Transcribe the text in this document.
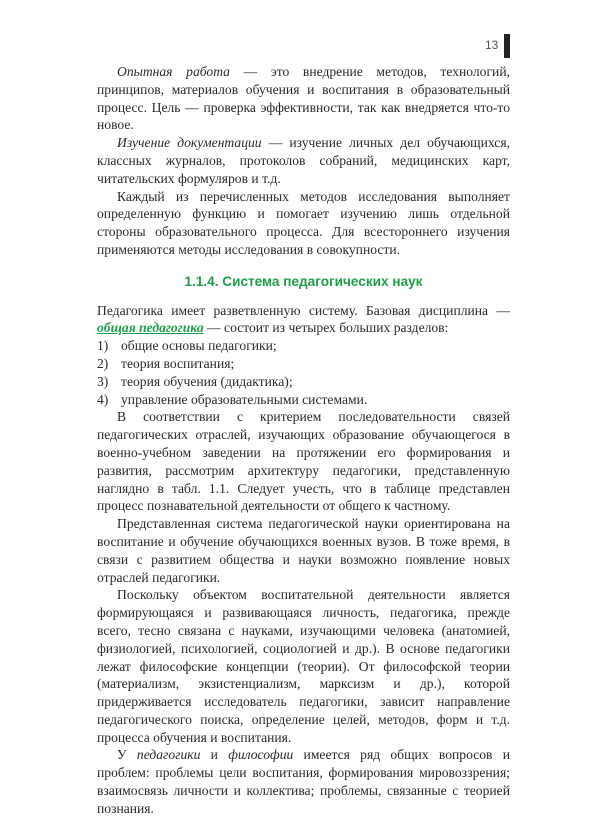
13

Опытная работа — это внедрение методов, технологий, принципов, материалов обучения и воспитания в образовательный процесс. Цель — проверка эффективности, так как внедряется что-то новое.

Изучение документации — изучение личных дел обучающихся, классных журналов, протоколов собраний, медицинских карт, читательских формуляров и т.д.

Каждый из перечисленных методов исследования выполняет определенную функцию и помогает изучению лишь отдельной стороны образовательного процесса. Для всестороннего изучения применяются методы исследования в совокупности.

1.1.4. Система педагогических наук

Педагогика имеет разветвленную систему. Базовая дисциплина — общая педагогика — состоит из четырех больших разделов:

1) общие основы педагогики;
2) теория воспитания;
3) теория обучения (дидактика);
4) управление образовательными системами.

В соответствии с критерием последовательности связей педагогических отраслей, изучающих образование обучающегося в военно-учебном заведении на протяжении его формирования и развития, рассмотрим архитектуру педагогики, представленную наглядно в табл. 1.1. Следует учесть, что в таблице представлен процесс познавательной деятельности от общего к частному.

Представленная система педагогической науки ориентирована на воспитание и обучение обучающихся военных вузов. В тоже время, в связи с развитием общества и науки возможно появление новых отраслей педагогики.

Поскольку объектом воспитательной деятельности является формирующаяся и развивающаяся личность, педагогика, прежде всего, тесно связана с науками, изучающими человека (анатомией, физиологией, психологией, социологией и др.). В основе педагогики лежат философские концепции (теории). От философской теории (материализм, экзистенциализм, марксизм и др.), которой придерживается исследователь педагогики, зависит направление педагогического поиска, определение целей, методов, форм и т.д. процесса обучения и воспитания.

У педагогики и философии имеется ряд общих вопросов и проблем: проблемы цели воспитания, формирования мировоззрения; взаимосвязь личности и коллектива; проблемы, связанные с теорией познания.
